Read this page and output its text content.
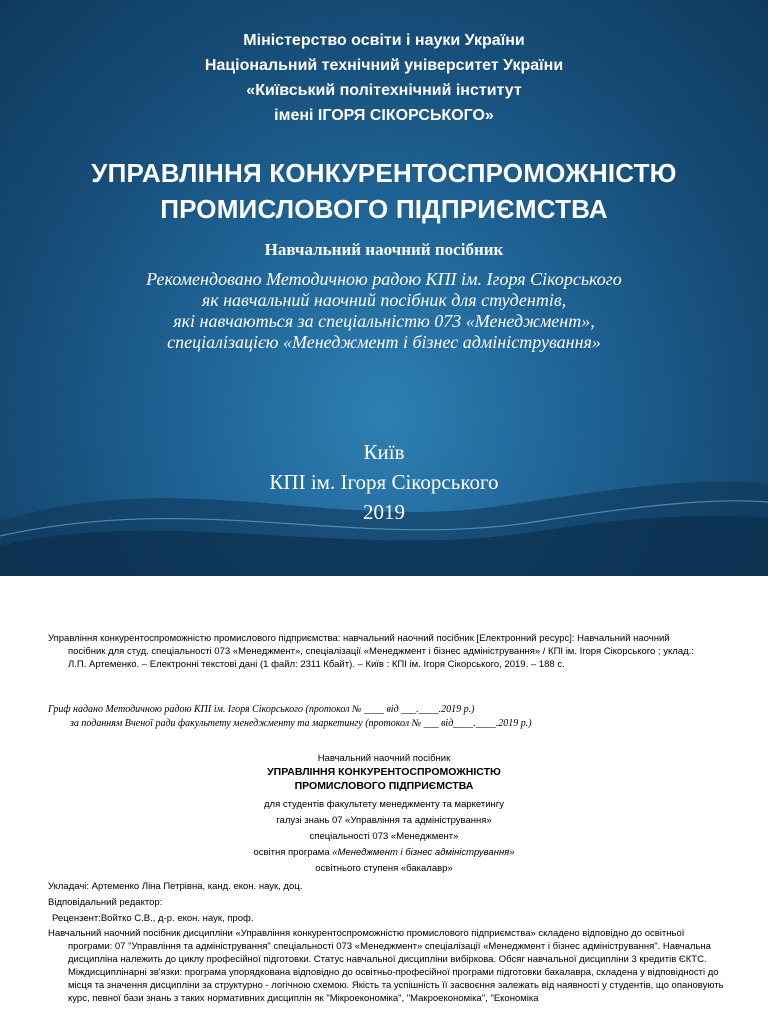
Міністерство освіти і науки України
Національний технічний університет України
«Київський політехнічний інститут
імені ІГОРЯ СІКОРСЬКОГО»
УПРАВЛІННЯ КОНКУРЕНТОСПРОМОЖНІСТЮ
ПРОМИСЛОВОГО ПІДПРИЄМСТВА
Навчальний наочний посібник
Рекомендовано Методичною радою КПІ ім. Ігоря Сікорського
як навчальний наочний посібник для студентів,
які навчаються за спеціальністю 073 «Менеджмент»,
спеціалізацією «Менеджмент і бізнес адміністрування»
Київ
КПІ ім. Ігоря Сікорського
2019
Управління конкурентоспроможністю промислового підприємства: навчальний наочний посібник [Електронний ресурс]: Навчальний наочний посібник для студ. спеціальності 073 «Менеджмент», спеціалізації «Менеджмент і бізнес адміністрування» / КПІ ім. Ігоря Сікорського ; уклад.: Л.П. Артеменко. – Електронні текстові дані (1 файл: 2311 Кбайт). – Київ : КПІ ім. Ігоря Сікорського, 2019. – 188 с.
Гриф надано Методичною радою КПІ ім. Ігоря Сікорського (протокол № ____ від ___.____.2019 р.)
за поданням Вченої ради факультету менеджменту та маркетингу (протокол № ___ від____.____.2019 р.)
Навчальний наочний посібник
УПРАВЛІННЯ КОНКУРЕНТОСПРОМОЖНІСТЮ
ПРОМИСЛОВОГО ПІДПРИЄМСТВА
для студентів факультету менеджменту та маркетингу
галузі знань 07 «Управління та адміністрування»
спеціальності 073 «Менеджмент»
освітня програма «Менеджмент і бізнес адміністрування»
освітнього ступеня «бакалавр»
Укладачі: Артеменко Ліна Петрівна, канд. екон. наук, доц.
Відповідальний редактор:
Рецензент:Войтко С.В., д-р. екон. наук, проф.
Навчальний наочний посібник дисципліни «Управління конкурентоспроможністю промислового підприємства» складено відповідно до освітньої програми: 07 "Управління та адміністрування" спеціальності 073 «Менеджмент» спеціалізації «Менеджмент і бізнес адміністрування". Навчальна дисципліна належить до циклу професійної підготовки. Статус навчальної дисципліни вибіркова. Обсяг навчальної дисципліни 3 кредитів ЄКТС. Міждисциплінарні зв'язки: програма упорядкована відповідно до освітньо-професійної програми підготовки бакалавра, складена у відповідності до місця та значення дисципліни за структурно - логічною схемою. Якість та успішність її засвоєння залежать від наявності у студентів, що опановують курс, певної бази знань з таких нормативних дисциплін як "Мікроекономіка", "Макроекономіка", "Економіка
